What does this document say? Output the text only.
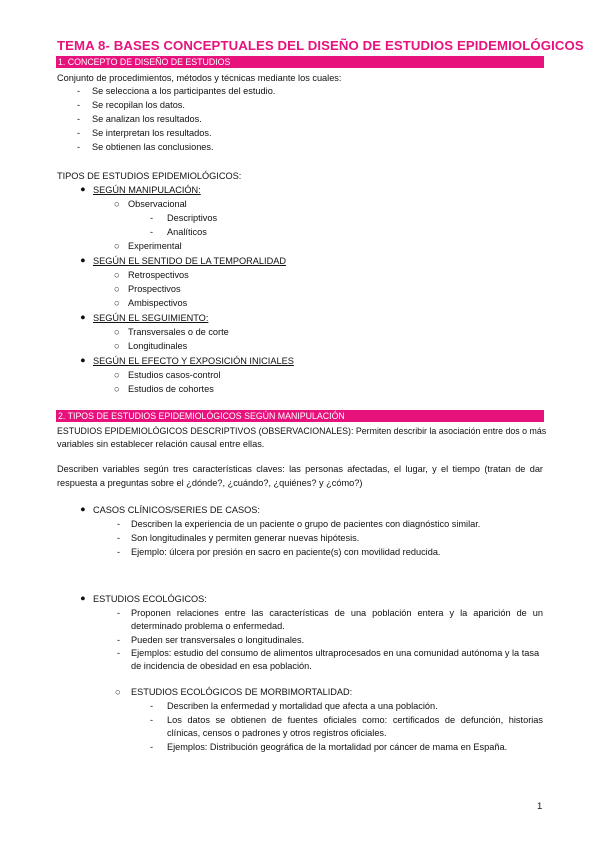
TEMA 8- BASES CONCEPTUALES DEL DISEÑO DE ESTUDIOS EPIDEMIOLÓGICOS
1. CONCEPTO DE DISEÑO DE ESTUDIOS
Conjunto de procedimientos, métodos y técnicas mediante los cuales:
- Se selecciona a los participantes del estudio.
- Se recopilan los datos.
- Se analizan los resultados.
- Se interpretan los resultados.
- Se obtienen las conclusiones.
TIPOS DE ESTUDIOS EPIDEMIOLÓGICOS:
● SEGÚN MANIPULACIÓN:
○ Observacional
- Descriptivos
- Analíticos
○ Experimental
● SEGÚN EL SENTIDO DE LA TEMPORALIDAD
○ Retrospectivos
○ Prospectivos
○ Ambispectivos
● SEGÚN EL SEGUIMIENTO:
○ Transversales o de corte
○ Longitudinales
● SEGÚN EL EFECTO Y EXPOSICIÓN INICIALES
○ Estudios casos-control
○ Estudios de cohortes
2. TIPOS DE ESTUDIOS EPIDEMIOLÓGICOS SEGÚN MANIPULACIÓN
ESTUDIOS EPIDEMIOLÓGICOS DESCRIPTIVOS (OBSERVACIONALES): Permiten describir la asociación entre dos o más
variables sin establecer relación causal entre ellas.
Describen variables según tres características claves: las personas afectadas, el lugar, y el tiempo (tratan de dar
respuesta a preguntas sobre el ¿dónde?, ¿cuándo?, ¿quiénes? y ¿cómo?)
● CASOS CLÍNICOS/SERIES DE CASOS:
- Describen la experiencia de un paciente o grupo de pacientes con diagnóstico similar.
- Son longitudinales y permiten generar nuevas hipótesis.
- Ejemplo: úlcera por presión en sacro en paciente(s) con movilidad reducida.
● ESTUDIOS ECOLÓGICOS:
- Proponen relaciones entre las características de una población entera y la aparición de un
determinado problema o enfermedad.
- Pueden ser transversales o longitudinales.
- Ejemplos: estudio del consumo de alimentos ultraprocesados en una comunidad autónoma y la tasa
de incidencia de obesidad en esa población.
○ ESTUDIOS ECOLÓGICOS DE MORBIMORTALIDAD:
- Describen la enfermedad y mortalidad que afecta a una población.
- Los datos se obtienen de fuentes oficiales como: certificados de defunción, historias
clínicas, censos o padrones y otros registros oficiales.
- Ejemplos: Distribución geográfica de la mortalidad por cáncer de mama en España.
1
